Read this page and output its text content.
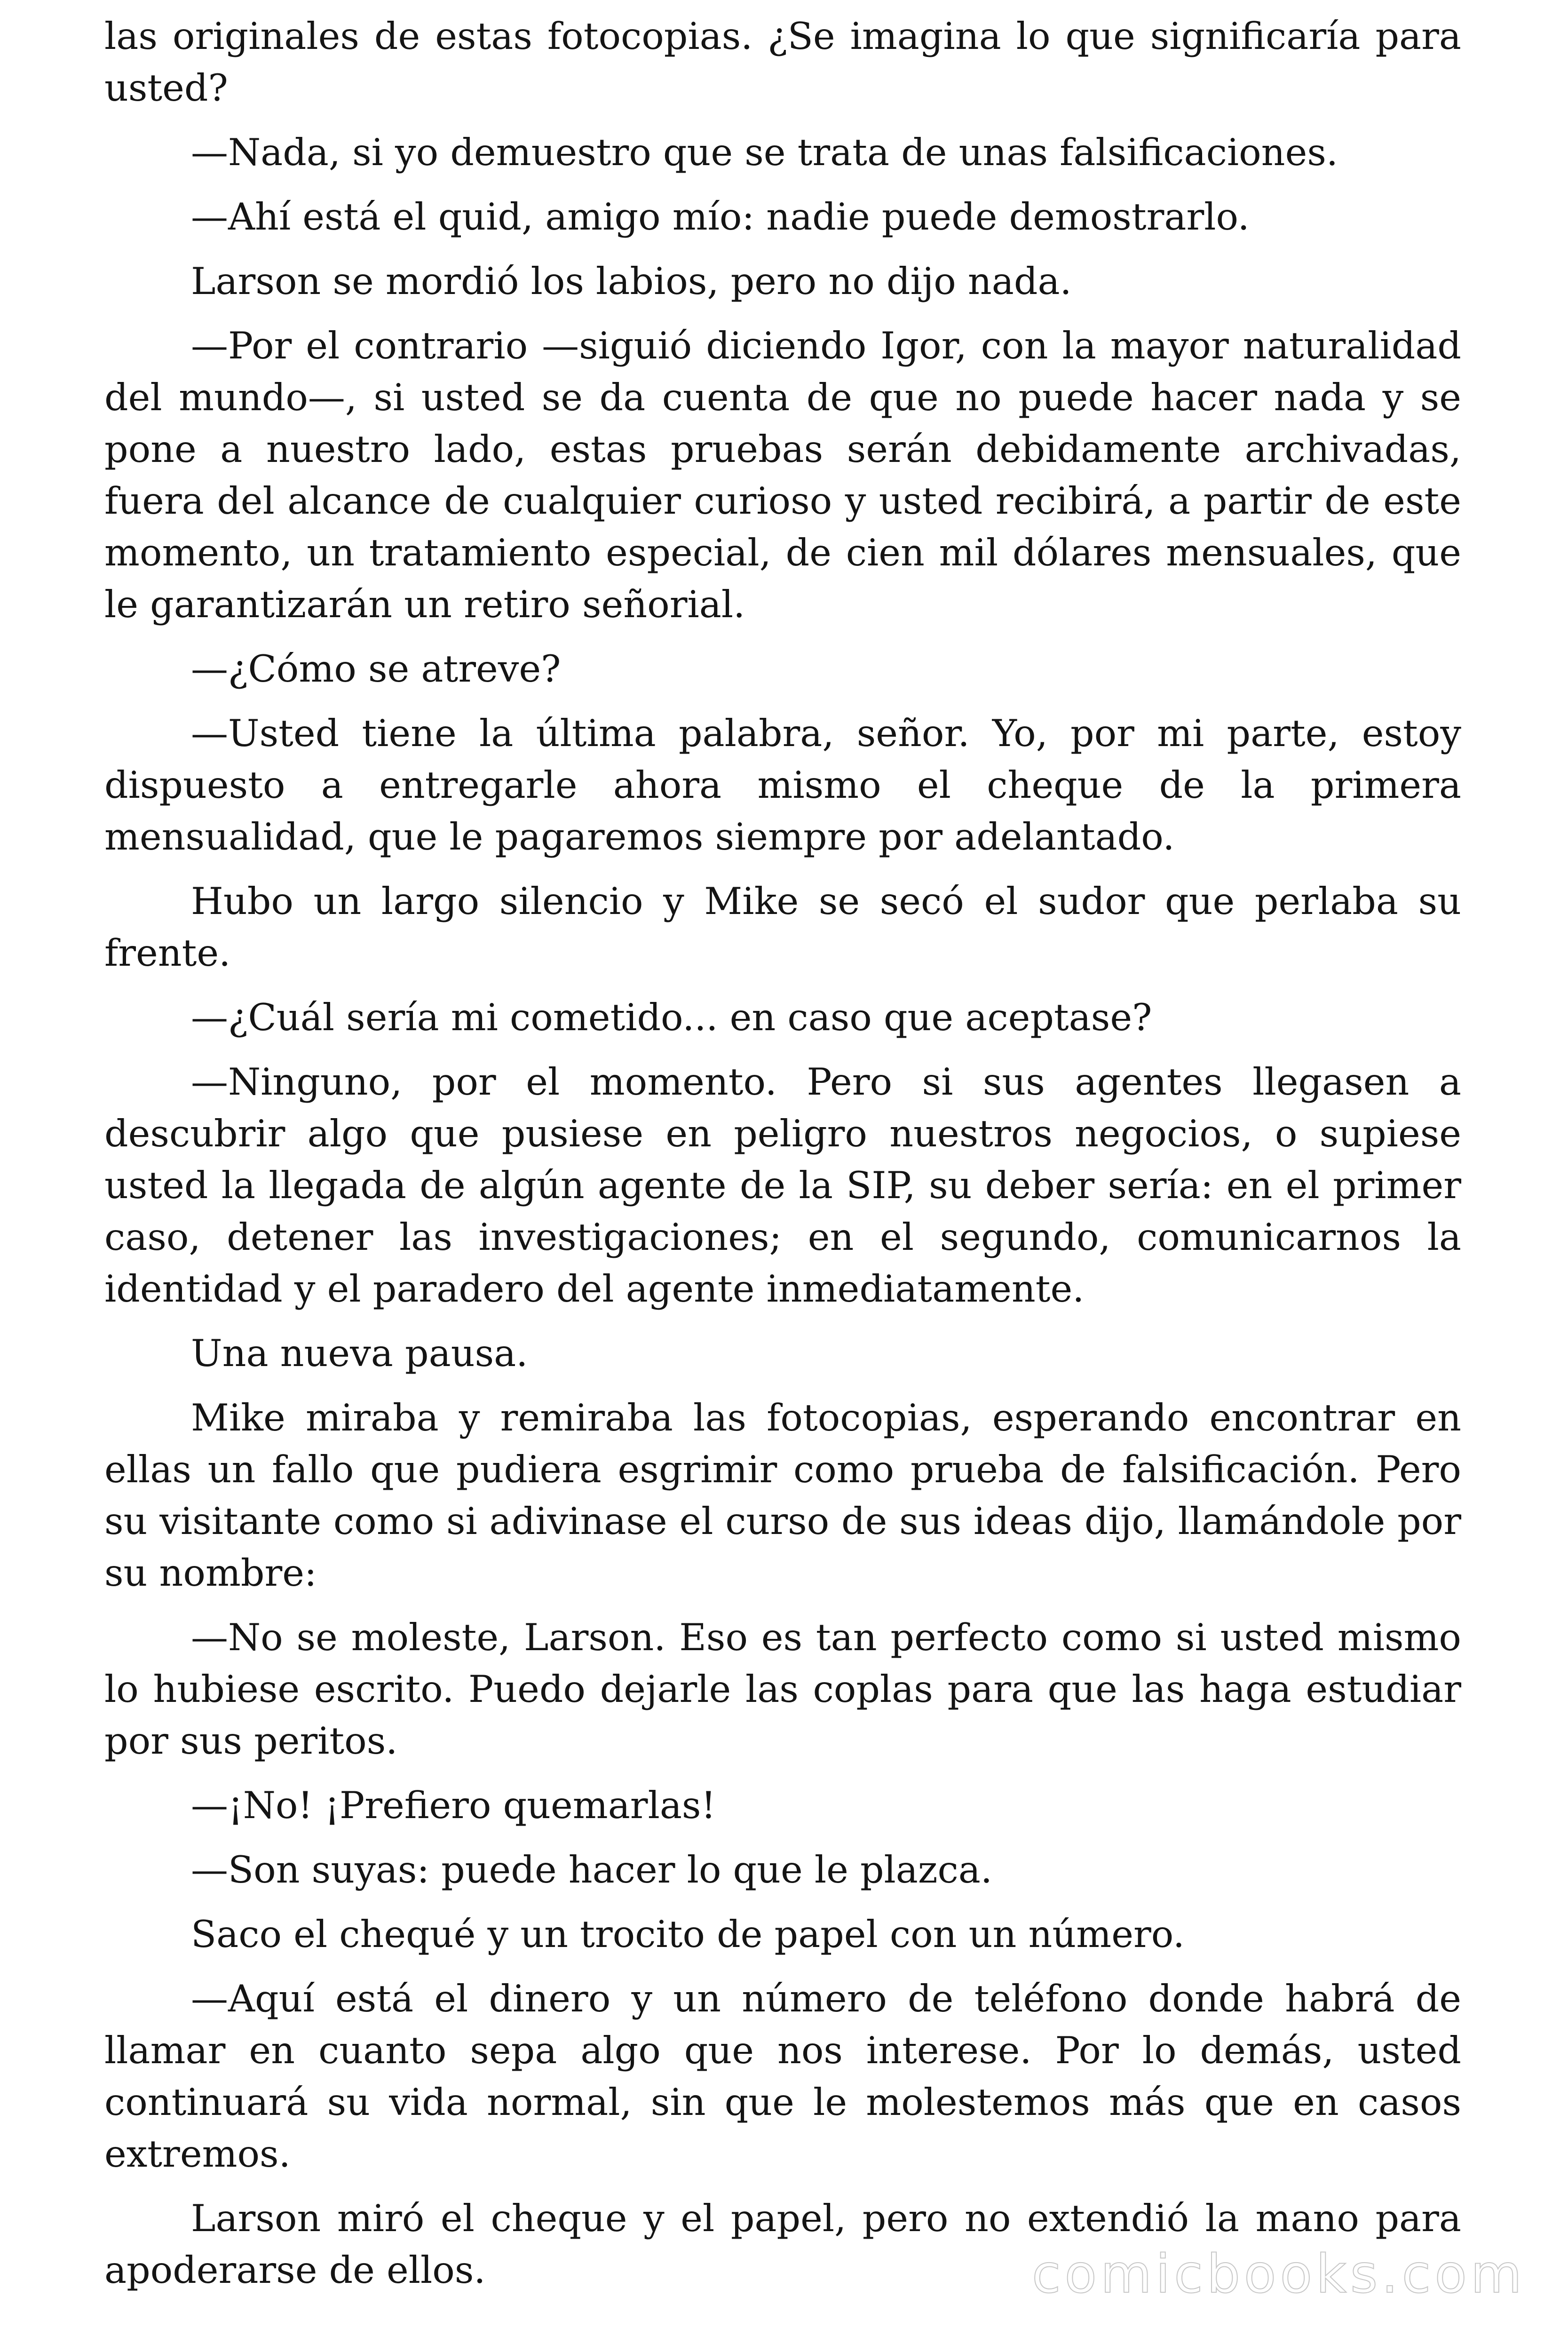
las originales de estas fotocopias. ¿Se imagina lo que significaría para usted?

—Nada, si yo demuestro que se trata de unas falsificaciones.

—Ahí está el quid, amigo mío: nadie puede demostrarlo.

Larson se mordió los labios, pero no dijo nada.

—Por el contrario —siguió diciendo Igor, con la mayor naturalidad del mundo—, si usted se da cuenta de que no puede hacer nada y se pone a nuestro lado, estas pruebas serán debidamente archivadas, fuera del alcance de cualquier curioso y usted recibirá, a partir de este momento, un tratamiento especial, de cien mil dólares mensuales, que le garantizarán un retiro señorial.

—¿Cómo se atreve?

—Usted tiene la última palabra, señor. Yo, por mi parte, estoy dispuesto a entregarle ahora mismo el cheque de la primera mensualidad, que le pagaremos siempre por adelantado.

Hubo un largo silencio y Mike se secó el sudor que perlaba su frente.

—¿Cuál sería mi cometido... en caso que aceptase?

—Ninguno, por el momento. Pero si sus agentes llegasen a descubrir algo que pusiese en peligro nuestros negocios, o supiese usted la llegada de algún agente de la SIP, su deber sería: en el primer caso, detener las investigaciones; en el segundo, comunicarnos la identidad y el paradero del agente inmediatamente.

Una nueva pausa.

Mike miraba y remiraba las fotocopias, esperando encontrar en ellas un fallo que pudiera esgrimir como prueba de falsificación. Pero su visitante como si adivinase el curso de sus ideas dijo, llamándole por su nombre:

—No se moleste, Larson. Eso es tan perfecto como si usted mismo lo hubiese escrito. Puedo dejarle las coplas para que las haga estudiar por sus peritos.

—¡No! ¡Prefiero quemarlas!

—Son suyas: puede hacer lo que le plazca.

Saco el chequé y un trocito de papel con un número.

—Aquí está el dinero y un número de teléfono donde habrá de llamar en cuanto sepa algo que nos interese. Por lo demás, usted continuará su vida normal, sin que le molestemos más que en casos extremos.

Larson miró el cheque y el papel, pero no extendió la mano para apoderarse de ellos.	comicbooks.com
